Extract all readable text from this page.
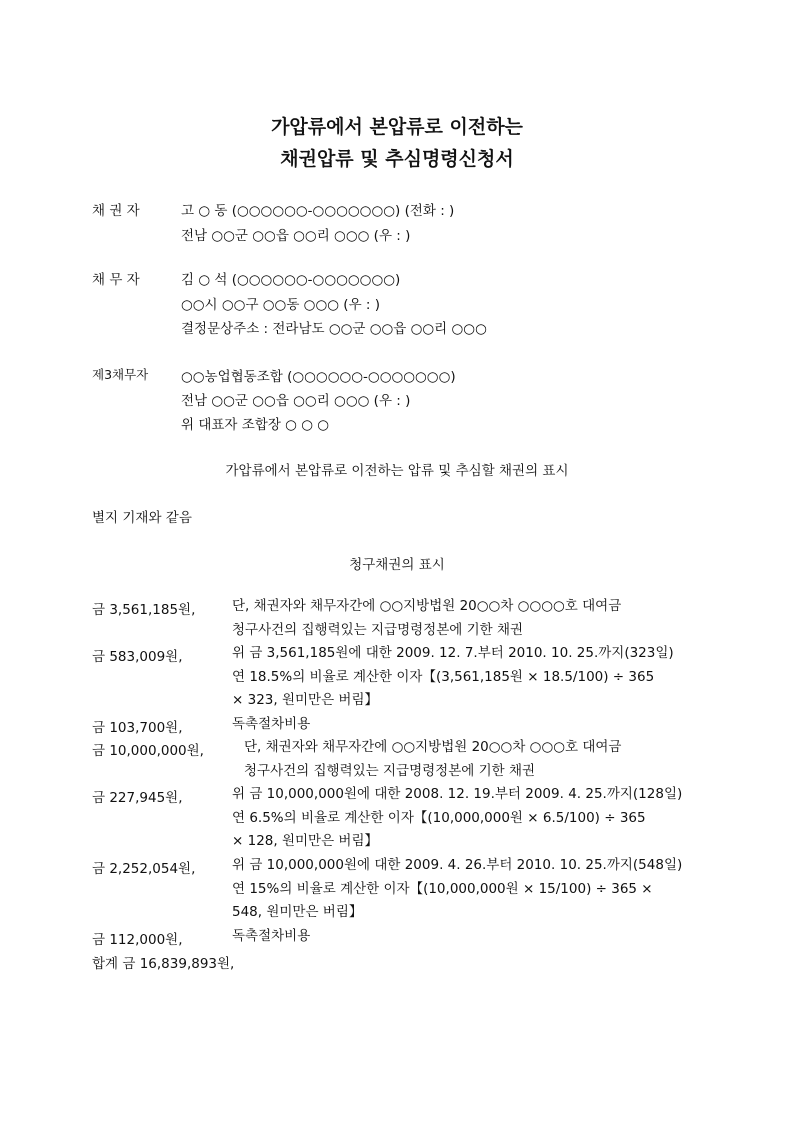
가압류에서 본압류로 이전하는
채권압류 및 추심명령신청서
채 권 자	고 ○ 동 (○○○○○○-○○○○○○○) (전화 : )
전남 ○○군 ○○읍 ○○리 ○○○ (우 : )
채 무 자	김 ○ 석 (○○○○○○-○○○○○○○)
○○시 ○○구 ○○동 ○○○ (우 : )
결정문상주소 : 전라남도 ○○군 ○○읍 ○○리 ○○○
제3채무자 ○○농업협동조합 (○○○○○○-○○○○○○○)
전남 ○○군 ○○읍 ○○리 ○○○ (우 : )
위 대표자 조합장 ○ ○ ○
가압류에서 본압류로 이전하는 압류 및 추심할 채권의 표시
별지 기재와 같음
청구채권의 표시
금 3,561,185원,	단, 채권자와 채무자간에 ○○지방법원 20○○차 ○○○○호 대여금

청구사건의 집행력있는 지급명령정본에 기한 채권

금 583,009원,	위 금 3,561,185원에 대한 2009. 12. 7.부터 2010. 10. 25.까지(323일)

연 18.5%의 비율로 계산한 이자【(3,561,185원 × 18.5/100) ÷ 365

× 323, 원미만은 버림】

금 103,700원,	독촉절차비용

금 10,000,000원,	단, 채권자와 채무자간에 ○○지방법원 20○○차 ○○○호 대여금

청구사건의 집행력있는 지급명령정본에 기한 채권

금 227,945원,	위 금 10,000,000원에 대한 2008. 12. 19.부터 2009. 4. 25.까지(128일)

연 6.5%의 비율로 계산한 이자【(10,000,000원 × 6.5/100) ÷ 365

× 128, 원미만은 버림】

금 2,252,054원,	위 금 10,000,000원에 대한 2009. 4. 26.부터 2010. 10. 25.까지(548일)

연 15%의 비율로 계산한 이자【(10,000,000원 × 15/100) ÷ 365 ×

548, 원미만은 버림】

금 112,000원,	독촉절차비용

합계 금 16,839,893원,
